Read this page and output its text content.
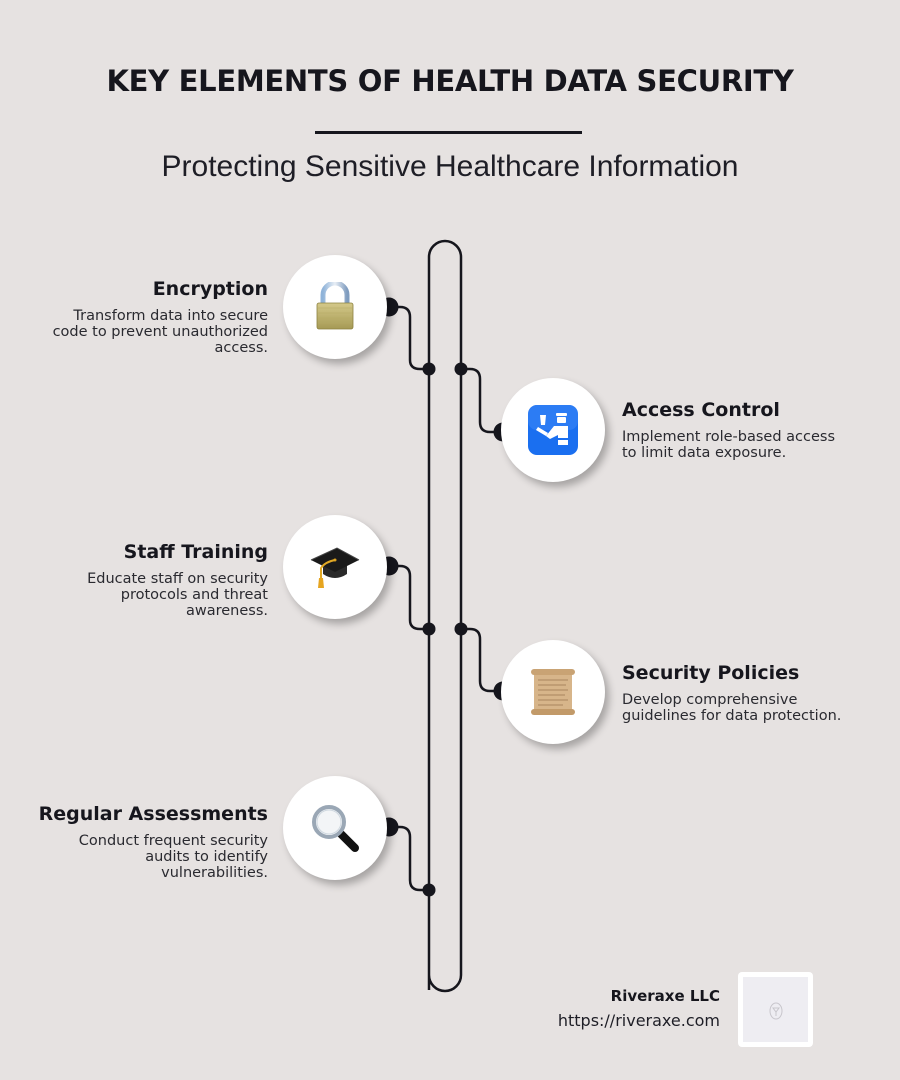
KEY ELEMENTS OF HEALTH DATA SECURITY
Protecting Sensitive Healthcare Information
Encryption
Transform data into secure code to prevent unauthorized access.
Access Control
Implement role-based access to limit data exposure.
Staff Training
Educate staff on security protocols and threat awareness.
Security Policies
Develop comprehensive guidelines for data protection.
Regular Assessments
Conduct frequent security audits to identify vulnerabilities.
Riveraxe LLC
https://riveraxe.com
